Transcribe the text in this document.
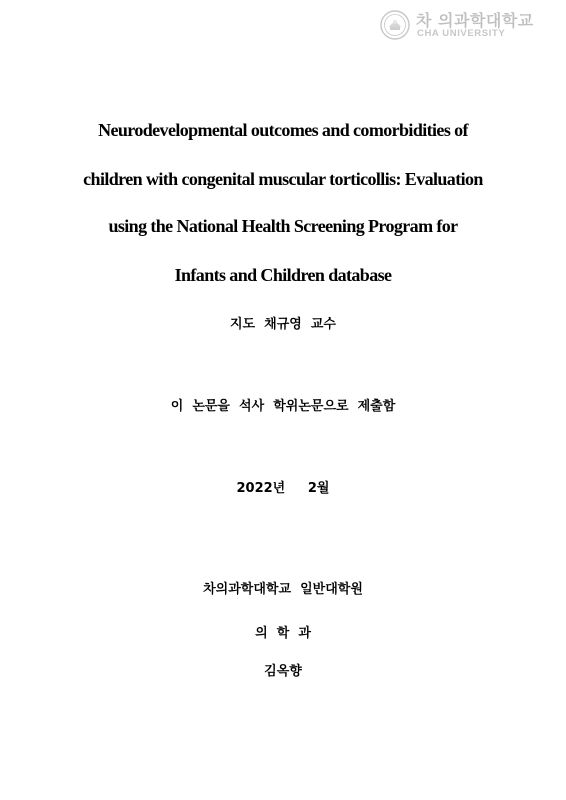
차 의과학대학교
CHA UNIVERSITY
Neurodevelopmental outcomes and comorbidities of
children with congenital muscular torticollis: Evaluation
using the National Health Screening Program for
Infants and Children database
지도  채규영  교수
이  논문을  석사  학위논문으로  제출함
2022년     2월
차의과학대학교  일반대학원
의  학  과
김옥향
